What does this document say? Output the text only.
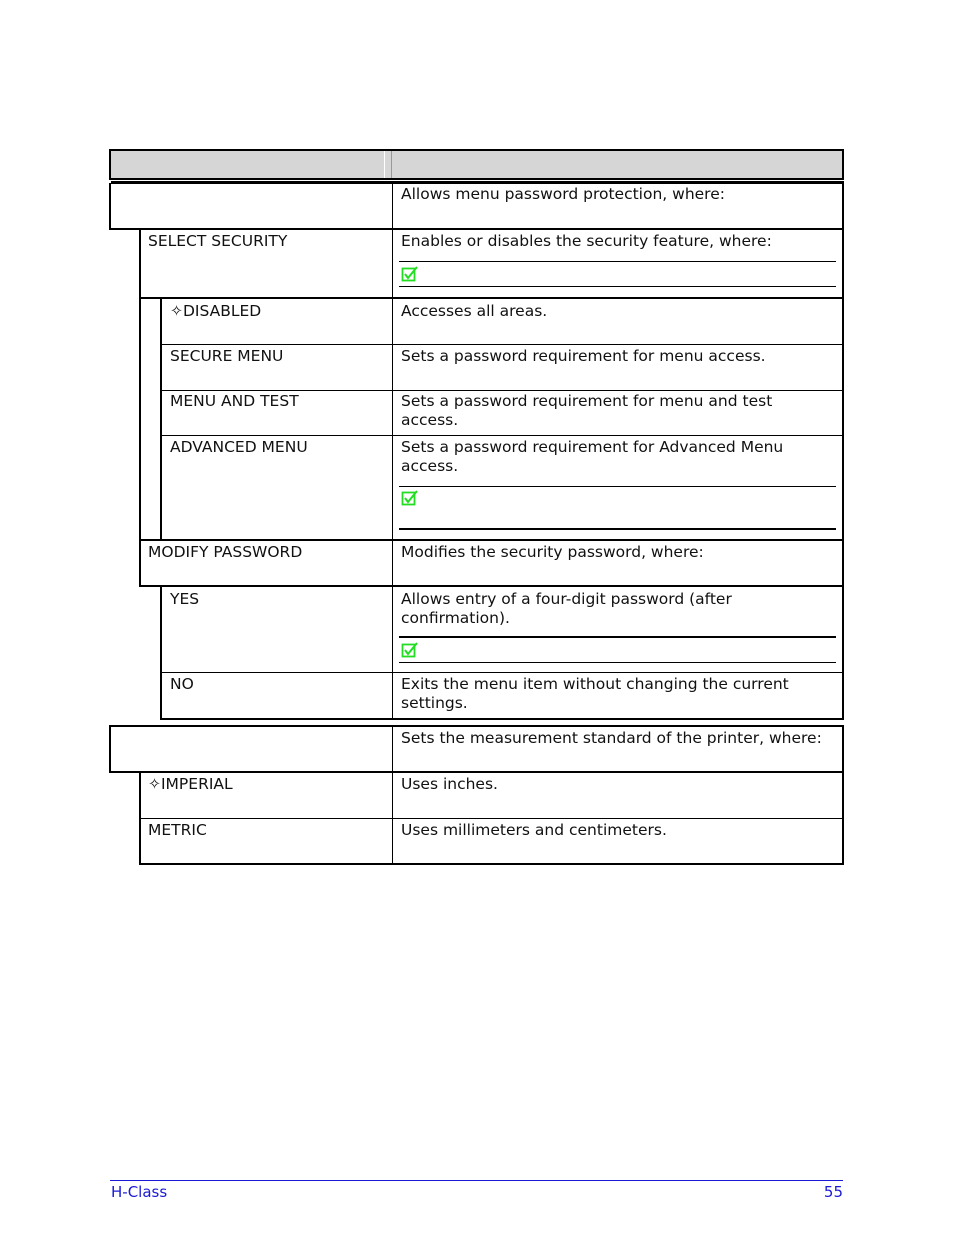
Allows menu password protection, where:
SELECT SECURITY	Enables or disables the security feature, where:
✧DISABLED	Accesses all areas.
SECURE MENU	Sets a password requirement for menu access.
MENU AND TEST	Sets a password requirement for menu and test access.
ADVANCED MENU	Sets a password requirement for Advanced Menu access.
MODIFY PASSWORD	Modifies the security password, where:
YES	Allows entry of a four-digit password (after confirmation).
NO	Exits the menu item without changing the current settings.
Sets the measurement standard of the printer, where:
✧IMPERIAL	Uses inches.
METRIC	Uses millimeters and centimeters.
H-Class	55
